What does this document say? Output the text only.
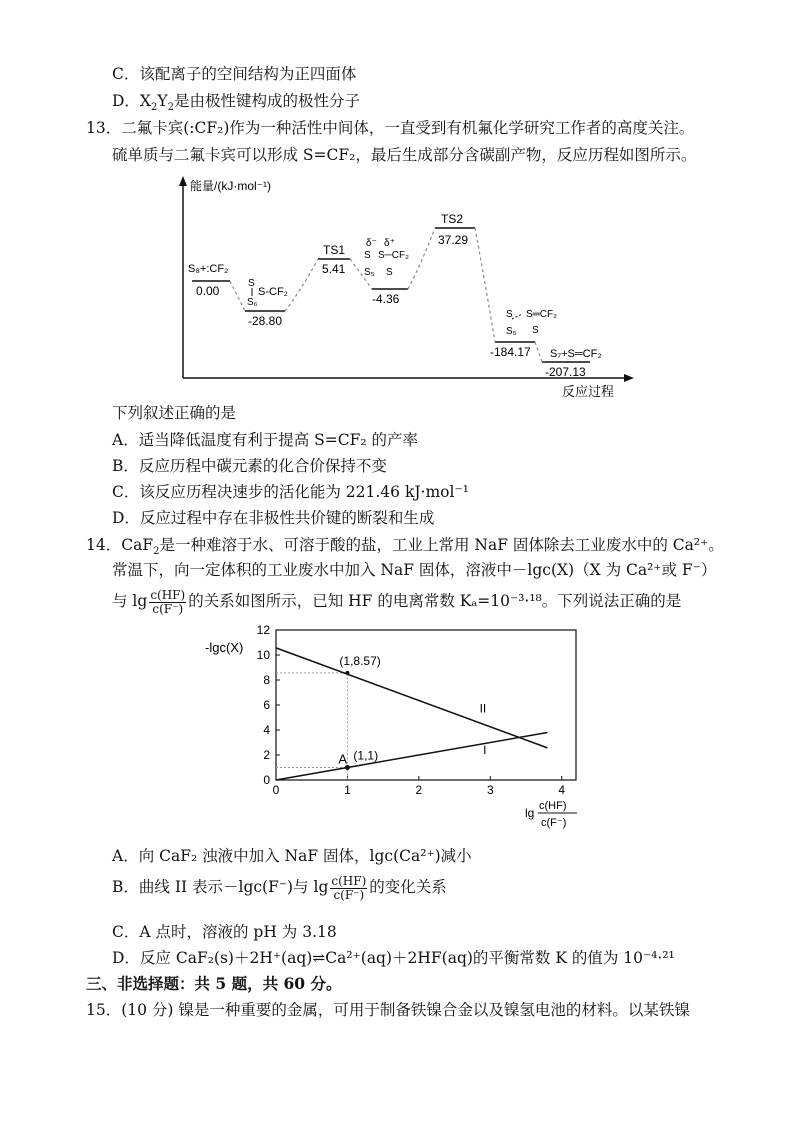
C．该配离子的空间结构为正四面体
D．$X_2Y_2$是由极性键构成的极性分子
13．二氟卡宾(:CF₂)作为一种活性中间体，一直受到有机氟化学研究工作者的高度关注。
硫单质与二氟卡宾可以形成 S=CF₂，最后生成部分含碳副产物，反应历程如图所示。
能量/(kJ·mol⁻¹)
反应过程
S₈+:CF₂
0.00
S
S₆
S-CF₂
-28.80
TS1
5.41
δ⁻ δ⁺
S S─CF₂
S₅ S
-4.36
TS2
37.29
S S═CF₂
S₅ S
-184.17 S₇+S═CF₂
-207.13
下列叙述正确的是
A．适当降低温度有利于提高 S=CF₂ 的产率
B．反应历程中碳元素的化合价保持不变
C．该反应历程决速步的活化能为 221.46 kJ·mol⁻¹
D．反应过程中存在非极性共价键的断裂和生成
14．CaF$_2$是一种难溶于水、可溶于酸的盐，工业上常用 NaF 固体除去工业废水中的 Ca²⁺。
常温下，向一定体积的工业废水中加入 NaF 固体，溶液中－lgc(X)（X 为 Ca²⁺或 F⁻）
与 $\lg \frac{c(HF)}{c(F^-)}$ 的关系如图所示，已知 HF 的电离常数 Kₐ=10⁻³·¹⁸。下列说法正确的是
-lgc(X)
0
2
4
6
8
10
12
0	1	2	3	4
(1,8.57)
(1,1)
A
I
II
lg c(HF)
c(F⁻)
A．向 CaF₂ 浊液中加入 NaF 固体，lgc(Ca²⁺)减小
B．曲线 II 表示－lgc(F⁻)与 $\lg \frac{c(HF)}{c(F^-)}$ 的变化关系
C．A 点时，溶液的 pH 为 3.18
D．反应 CaF₂(s)＋2H⁺(aq)⇌Ca²⁺(aq)＋2HF(aq)的平衡常数 K 的值为 10⁻⁴·²¹
三、非选择题：共 5 题，共 60 分。
15．(10 分) 镍是一种重要的金属，可用于制备铁镍合金以及镍氢电池的材料。以某铁镍
